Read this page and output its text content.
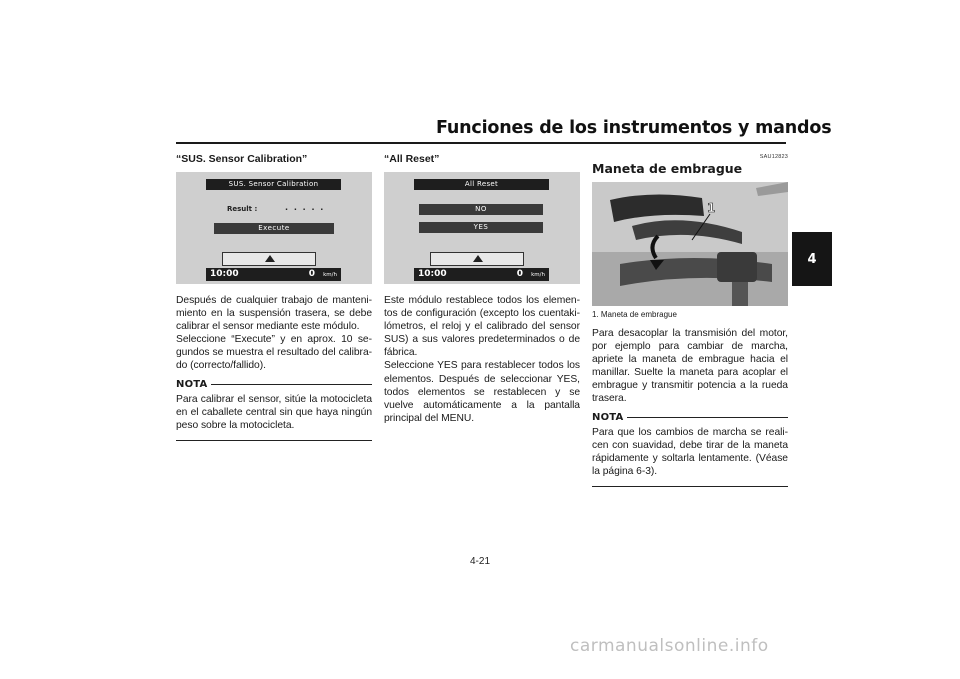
Funciones de los instrumentos y mandos
4
“SUS. Sensor Calibration”
SUS. Sensor Calibration
Result :	. . . . .
Execute
10:00	0 km/h

Después de cualquier trabajo de manteni-miento en la suspensión trasera, se debe calibrar el sensor mediante este módulo.

Seleccione “Execute” y en aprox. 10 se-gundos se muestra el resultado del calibra-do (correcto/fallido).

NOTA
Para calibrar el sensor, sitúe la motocicleta en el caballete central sin que haya ningún peso sobre la motocicleta.
“All Reset”
All Reset
NO
YES
10:00	0 km/h

Este módulo restablece todos los elemen-tos de configuración (excepto los cuentaki-lómetros, el reloj y el calibrado del sensor SUS) a sus valores predeterminados o de fábrica.

Seleccione YES para restablecer todos los elementos. Después de seleccionar YES, todos elementos se restablecen y se vuelve automáticamente a la pantalla principal del MENU.

SAU12823
Maneta de embrague
1
1. Maneta de embrague
Para desacoplar la transmisión del motor, por ejemplo para cambiar de marcha, apriete la maneta de embrague hacia el manillar. Suelte la maneta para acoplar el embrague y transmitir potencia a la rueda trasera.
NOTA
Para que los cambios de marcha se reali-cen con suavidad, debe tirar de la maneta rápidamente y soltarla lentamente. (Véase la página 6-3).
4-21
carmanualsonline.info
